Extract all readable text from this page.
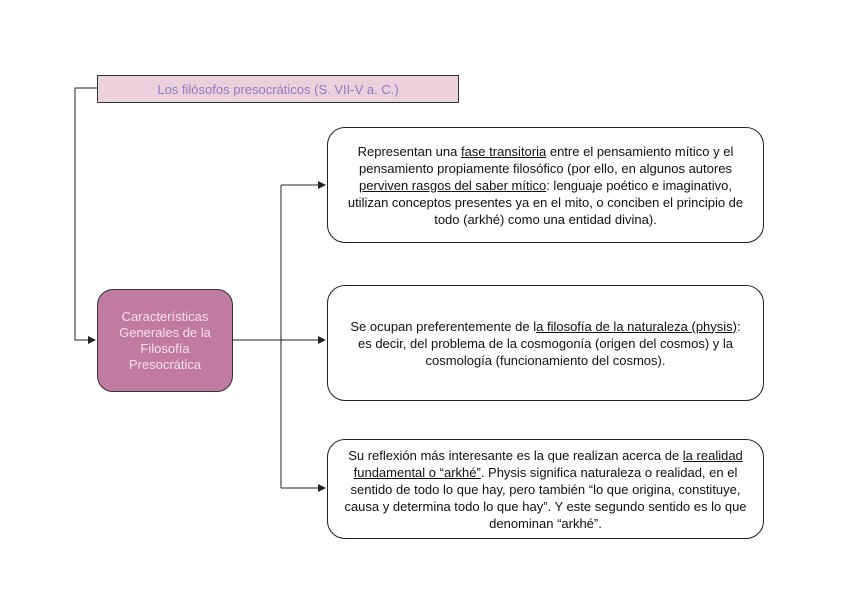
Los filósofos presocráticos (S. VII-V a. C.)
Características Generales de la Filosofía Presocrática
Representan una fase transitoria entre el pensamiento mítico y el pensamiento propiamente filosófico (por ello, en algunos autores perviven rasgos del saber mítico: lenguaje poético e imaginativo, utilizan conceptos presentes ya en el mito, o conciben el principio de todo (arkhé) como una entidad divina).
Se ocupan preferentemente de la filosofía de la naturaleza (physis): es decir, del problema de la cosmogonía (origen del cosmos) y la cosmología (funcionamiento del cosmos).
Su reflexión más interesante es la que realizan acerca de la realidad fundamental o “arkhé”. Physis significa naturaleza o realidad, en el sentido de todo lo que hay, pero también “lo que origina, constituye, causa y determina todo lo que hay”. Y este segundo sentido es lo que denominan “arkhé”.
